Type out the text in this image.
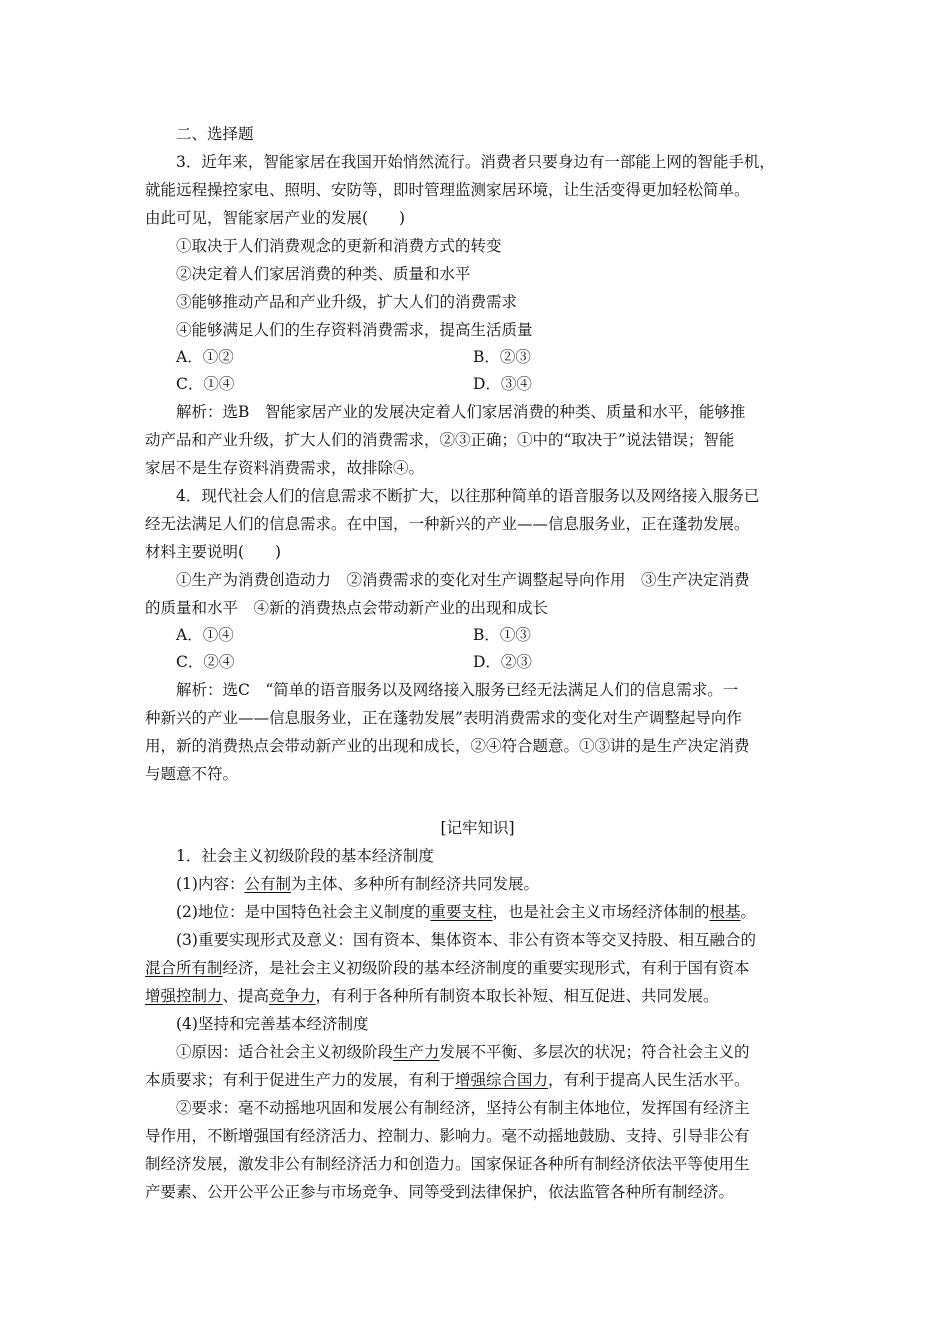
二、选择题
3．近年来，智能家居在我国开始悄然流行。消费者只要身边有一部能上网的智能手机，
就能远程操控家电、照明、安防等，即时管理监测家居环境，让生活变得更加轻松简单。
由此可见，智能家居产业的发展(　　)
①取决于人们消费观念的更新和消费方式的转变
②决定着人们家居消费的种类、质量和水平
③能够推动产品和产业升级，扩大人们的消费需求
④能够满足人们的生存资料消费需求，提高生活质量
A．①②	B．②③
C．①④	D．③④
解析：选B　智能家居产业的发展决定着人们家居消费的种类、质量和水平，能够推
动产品和产业升级，扩大人们的消费需求，②③正确；①中的“取决于”说法错误；智能
家居不是生存资料消费需求，故排除④。
4．现代社会人们的信息需求不断扩大，以往那种简单的语音服务以及网络接入服务已
经无法满足人们的信息需求。在中国，一种新兴的产业——信息服务业，正在蓬勃发展。
材料主要说明(　　)
①生产为消费创造动力　②消费需求的变化对生产调整起导向作用　③生产决定消费
的质量和水平　④新的消费热点会带动新产业的出现和成长
A．①④	B．①③
C．②④	D．②③
解析：选C　“简单的语音服务以及网络接入服务已经无法满足人们的信息需求。一
种新兴的产业——信息服务业，正在蓬勃发展”表明消费需求的变化对生产调整起导向作
用，新的消费热点会带动新产业的出现和成长，②④符合题意。①③讲的是生产决定消费
与题意不符。
[记牢知识]
1．社会主义初级阶段的基本经济制度
(1)内容：公有制为主体、多种所有制经济共同发展。
(2)地位：是中国特色社会主义制度的重要支柱，也是社会主义市场经济体制的根基。
(3)重要实现形式及意义：国有资本、集体资本、非公有资本等交叉持股、相互融合的
混合所有制经济，是社会主义初级阶段的基本经济制度的重要实现形式，有利于国有资本
增强控制力、提高竞争力，有利于各种所有制资本取长补短、相互促进、共同发展。
(4)坚持和完善基本经济制度
①原因：适合社会主义初级阶段生产力发展不平衡、多层次的状况；符合社会主义的
本质要求；有利于促进生产力的发展，有利于增强综合国力，有利于提高人民生活水平。
②要求：毫不动摇地巩固和发展公有制经济，坚持公有制主体地位，发挥国有经济主
导作用，不断增强国有经济活力、控制力、影响力。毫不动摇地鼓励、支持、引导非公有
制经济发展，激发非公有制经济活力和创造力。国家保证各种所有制经济依法平等使用生
产要素、公开公平公正参与市场竞争、同等受到法律保护，依法监管各种所有制经济。
